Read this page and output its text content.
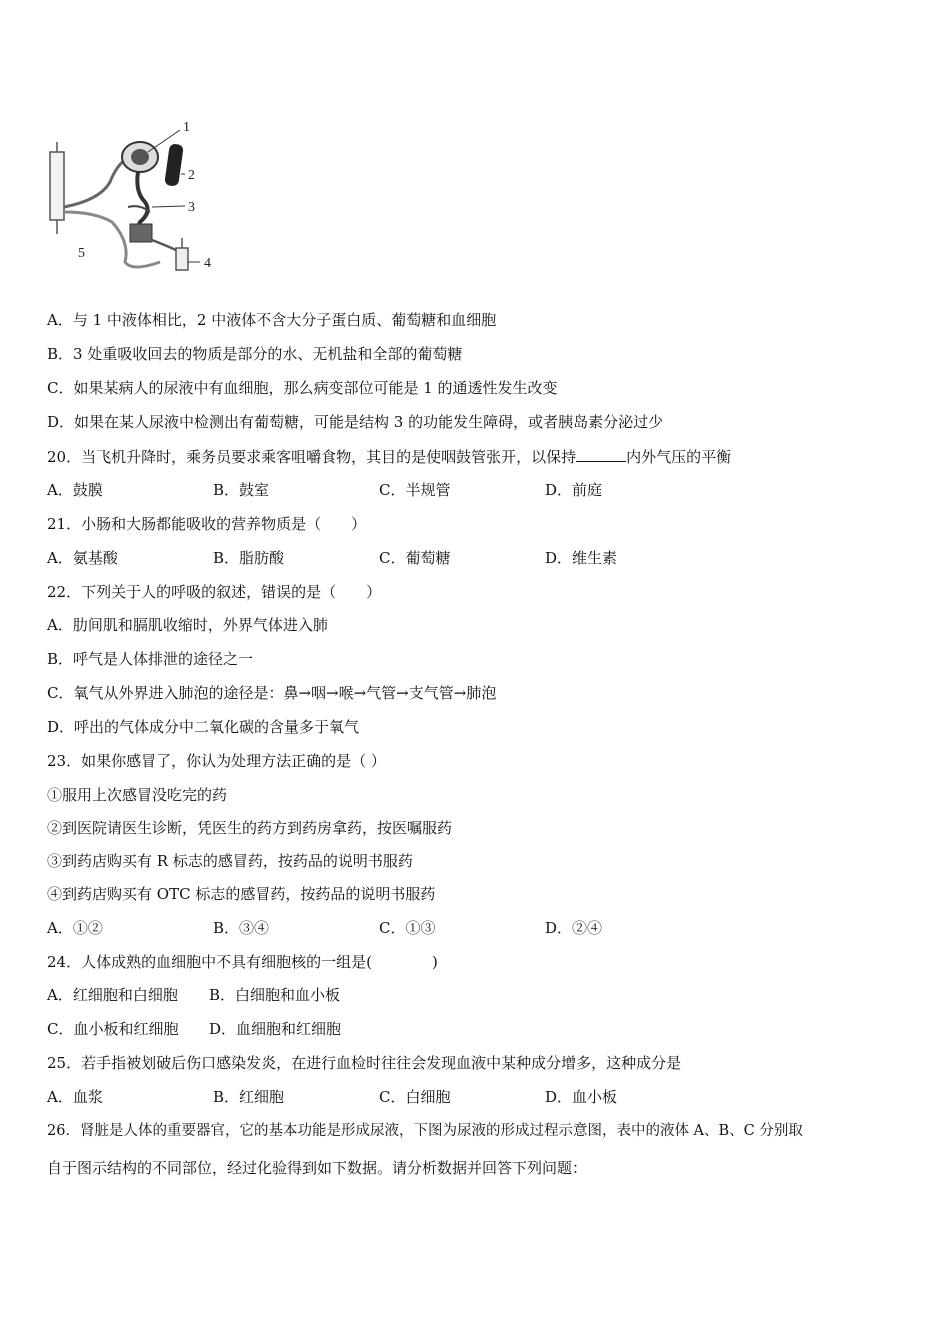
1
2
3
4
5
A．与 1 中液体相比，2 中液体不含大分子蛋白质、葡萄糖和血细胞
B．3 处重吸收回去的物质是部分的水、无机盐和全部的葡萄糖
C．如果某病人的尿液中有血细胞，那么病变部位可能是 1 的通透性发生改变
D．如果在某人尿液中检测出有葡萄糖，可能是结构 3 的功能发生障碍，或者胰岛素分泌过少
20．当飞机升降时，乘务员要求乘客咀嚼食物，其目的是使咽鼓管张开，以保持	内外气压的平衡
A．鼓膜	B．鼓室	C．半规管	D．前庭
21．小肠和大肠都能吸收的营养物质是（　　）
A．氨基酸	B．脂肪酸	C．葡萄糖	D．维生素
22．下列关于人的呼吸的叙述，错误的是（　　）
A．肋间肌和膈肌收缩时，外界气体进入肺
B．呼气是人体排泄的途径之一
C．氧气从外界进入肺泡的途径是：鼻→咽→喉→气管→支气管→肺泡
D．呼出的气体成分中二氧化碳的含量多于氧气
23．如果你感冒了，你认为处理方法正确的是（ ）
①服用上次感冒没吃完的药
②到医院请医生诊断，凭医生的药方到药房拿药，按医嘱服药
③到药店购买有 R 标志的感冒药，按药品的说明书服药
④到药店购买有 OTC 标志的感冒药，按药品的说明书服药
A．①②	B．③④	C．①③	D．②④
24．人体成熟的血细胞中不具有细胞核的一组是(　　　　)
A．红细胞和白细胞 B．白细胞和血小板
C．血小板和红细胞 D．血细胞和红细胞
25．若手指被划破后伤口感染发炎，在进行血检时往往会发现血液中某种成分增多，这种成分是
A．血浆	B．红细胞	C．白细胞	D．血小板
26．肾脏是人体的重要器官，它的基本功能是形成尿液，下图为尿液的形成过程示意图，表中的液体 A、B、C 分别取
自于图示结构的不同部位，经过化验得到如下数据。请分析数据并回答下列问题：
